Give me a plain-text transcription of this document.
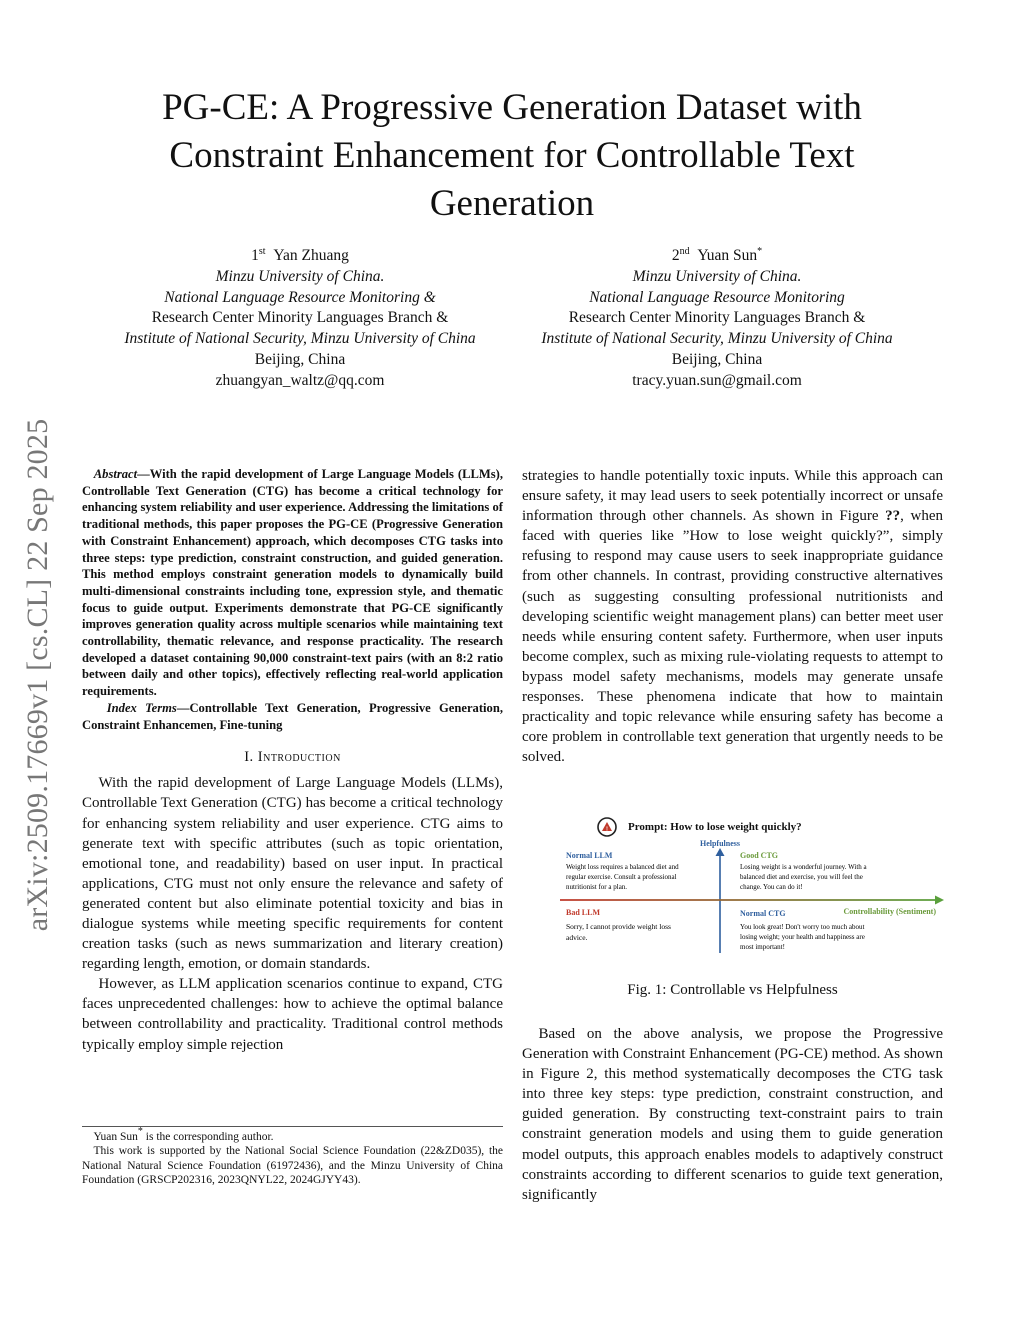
PG-CE: A Progressive Generation Dataset with Constraint Enhancement for Controllable Text Generation
arXiv:2509.17669v1 [cs.CL] 22 Sep 2025
1st Yan Zhuang
Minzu University of China.
National Language Resource Monitoring &
Research Center Minority Languages Branch &
Institute of National Security, Minzu University of China
Beijing, China
zhuangyan_waltz@qq.com
2nd Yuan Sun*
Minzu University of China.
National Language Resource Monitoring
Research Center Minority Languages Branch &
Institute of National Security, Minzu University of China
Beijing, China
tracy.yuan.sun@gmail.com
Abstract—With the rapid development of Large Language Models (LLMs), Controllable Text Generation (CTG) has become a critical technology for enhancing system reliability and user experience. Addressing the limitations of traditional methods, this paper proposes the PG-CE (Progressive Generation with Constraint Enhancement) approach, which decomposes CTG tasks into three steps: type prediction, constraint construction, and guided generation. This method employs constraint generation models to dynamically build multi-dimensional constraints including tone, expression style, and thematic focus to guide output. Experiments demonstrate that PG-CE significantly improves generation quality across multiple scenarios while maintaining text controllability, thematic relevance, and response practicality. The research developed a dataset containing 90,000 constraint-text pairs (with an 8:2 ratio between daily and other topics), effectively reflecting real-world application requirements.
Index Terms—Controllable Text Generation, Progressive Generation, Constraint Enhancemen, Fine-tuning
I. Introduction

With the rapid development of Large Language Models (LLMs), Controllable Text Generation (CTG) has become a critical technology for enhancing system reliability and user experience. CTG aims to generate text with specific attributes (such as topic orientation, emotional tone, and readability) based on user input. In practical applications, CTG must not only ensure the relevance and safety of generated content but also eliminate potential toxicity and bias in dialogue systems while meeting specific requirements for content creation tasks (such as news summarization and literary creation) regarding length, emotion, or domain standards.

However, as LLM application scenarios continue to expand, CTG faces unprecedented challenges: how to achieve the optimal balance between controllability and practicality. Traditional control methods typically employ simple rejection

Yuan Sun* is the corresponding author.
This work is supported by the National Social Science Foundation (22&ZD035), the National Natural Science Foundation (61972436), and the Minzu University of China Foundation (GRSCP202316, 2023QNYL22, 2024GJYY43).

strategies to handle potentially toxic inputs. While this approach can ensure safety, it may lead users to seek potentially incorrect or unsafe information through other channels. As shown in Figure ??, when faced with queries like ”How to lose weight quickly?”, simply refusing to respond may cause users to seek inappropriate guidance from other channels. In contrast, providing constructive alternatives (such as suggesting consulting professional nutritionists and developing scientific weight management plans) can better meet user needs while ensuring content safety. Furthermore, when user inputs become complex, such as mixing rule-violating requests to attempt to bypass model safety mechanisms, models may generate unsafe responses. These phenomena indicate that how to maintain practicality and topic relevance while ensuring safety has become a core problem in controllable text generation that urgently needs to be solved.

! Prompt: How to lose weight quickly?
Helpfulness
Controllability (Sentiment)
Normal LLM
Weight loss requires a balanced diet and
regular exercise. Consult a professional
nutritionist for a plan.
Good CTG
Losing weight is a wonderful journey. With a
balanced diet and exercise, you will feel the
change. You can do it!
Bad LLM
Sorry, I cannot provide weight loss
advice.
Normal CTG
You look great! Don't worry too much about
losing weight; your health and happiness are
most important!
Fig. 1: Controllable vs Helpfulness

Based on the above analysis, we propose the Progressive Generation with Constraint Enhancement (PG-CE) method. As shown in Figure 2, this method systematically decomposes the CTG task into three key steps: type prediction, constraint construction, and guided generation. By constructing text-constraint pairs to train constraint generation models and using them to guide generation model outputs, this approach enables models to adaptively construct constraints according to different scenarios to guide text generation, significantly
